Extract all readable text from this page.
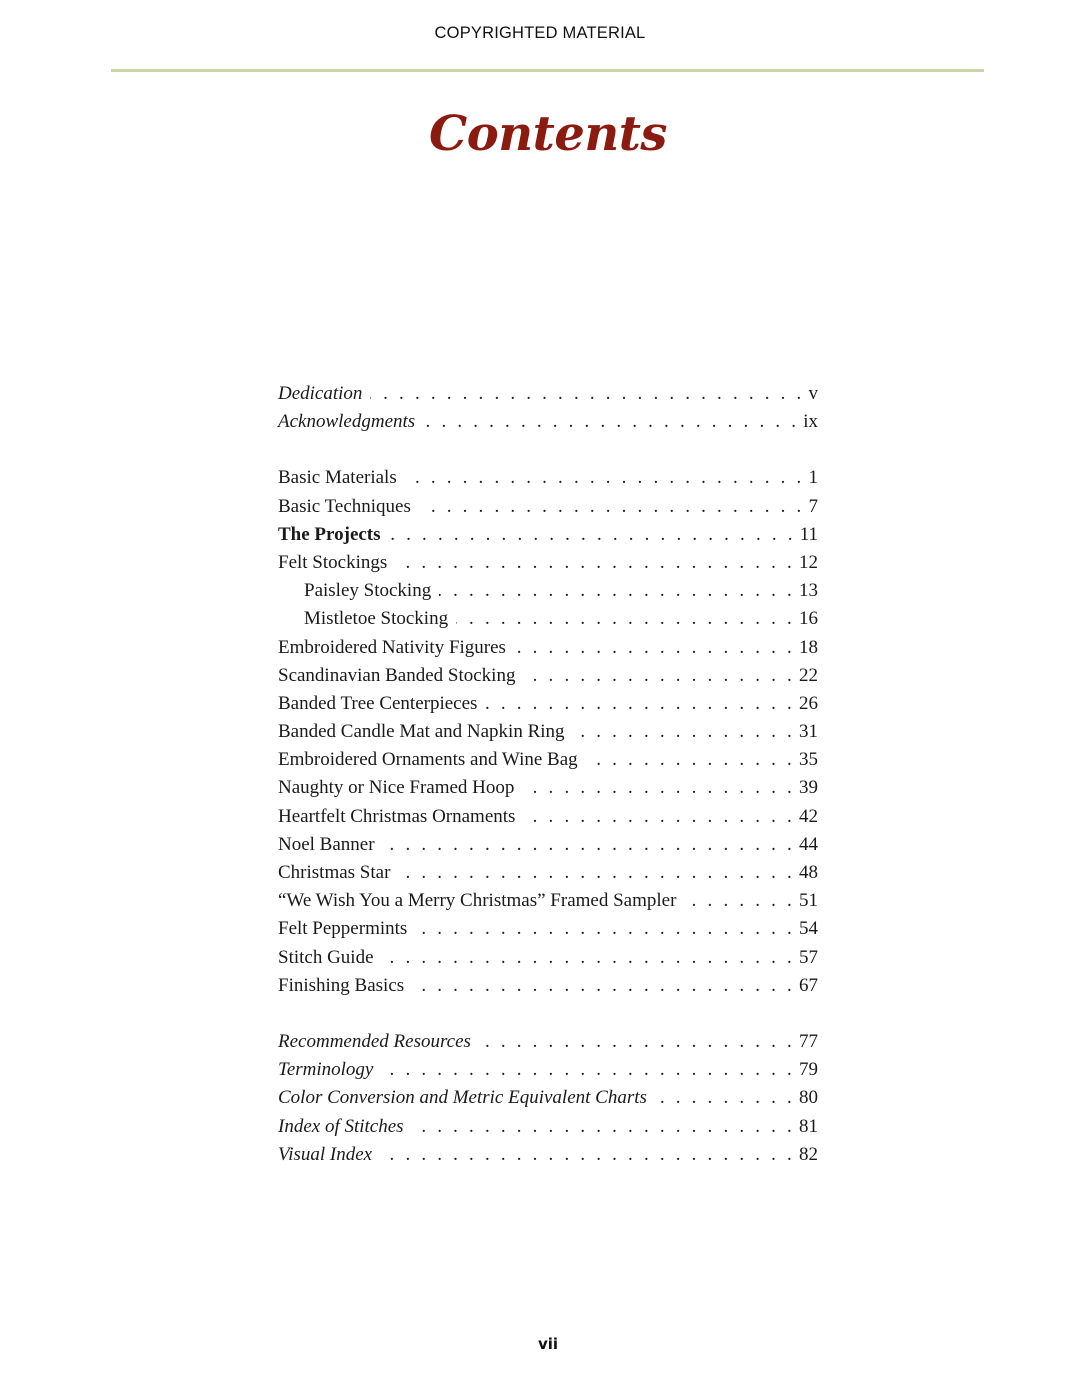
COPYRIGHTED MATERIAL
Contents
Dedication . . .	v
Acknowledgments . . .	ix
Basic Materials . . .	1
Basic Techniques . . .	7
The Projects . . .	11
Felt Stockings . . .	12
Paisley Stocking . . .	13
Mistletoe Stocking . . .	16
Embroidered Nativity Figures . . .	18
Scandinavian Banded Stocking . . .	22
Banded Tree Centerpieces . . .	26
Banded Candle Mat and Napkin Ring . . .	31
Embroidered Ornaments and Wine Bag . . .	35
Naughty or Nice Framed Hoop . . .	39
Heartfelt Christmas Ornaments . . .	42
Noel Banner . . .	44
Christmas Star . . .	48
“We Wish You a Merry Christmas” Framed Sampler . . .	51
Felt Peppermints . . .	54
Stitch Guide . . .	57
Finishing Basics . . .	67
Recommended Resources . . .	77
Terminology . . .	79
Color Conversion and Metric Equivalent Charts . . .	80
Index of Stitches . . .	81
Visual Index . . .	82
vii
